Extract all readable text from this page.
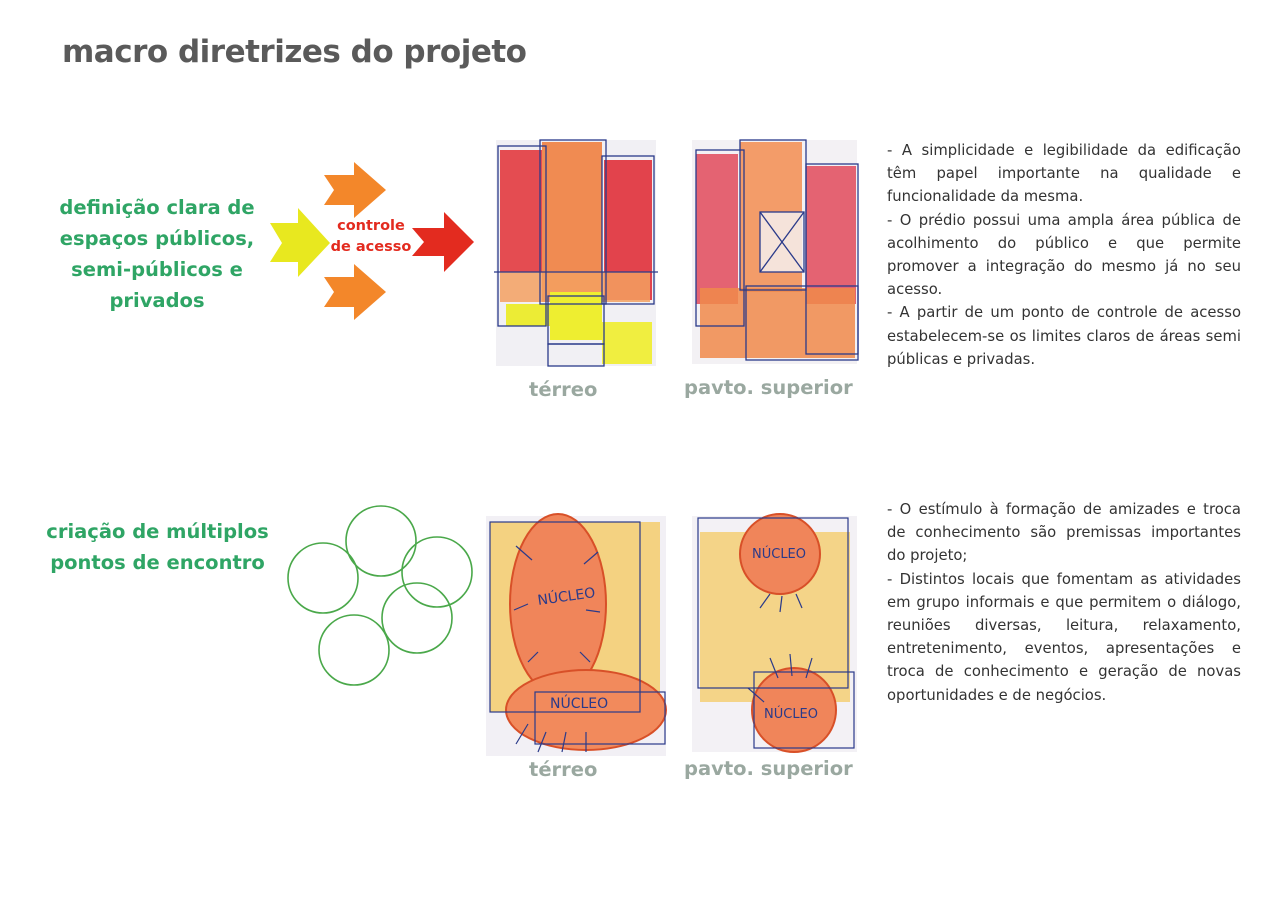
macro diretrizes do projeto
definição clara de
espaços públicos,
semi-públicos e
privados
controle
de acesso
térreo	pavto. superior
- A simplicidade e legibilidade da edificação têm papel importante na qualidade e funcionalidade da mesma.
- O prédio possui uma ampla área pública de acolhimento do público e que permite promover a integração do mesmo já no seu acesso.
- A partir de um ponto de controle de acesso estabelecem-se os limites claros de áreas semi públicas e privadas.
criação de múltiplos
pontos de encontro
NÚCLEO
NÚCLEO
NÚCLEO
NÚCLEO
térreo	pavto. superior
- O estímulo à formação de amizades e troca de conhecimento são premissas importantes do projeto;
- Distintos locais que fomentam as atividades em grupo informais e que permitem o diálogo, reuniões diversas, leitura, relaxamento, entretenimento, eventos, apresentações e troca de conhecimento e geração de novas oportunidades e de negócios.
